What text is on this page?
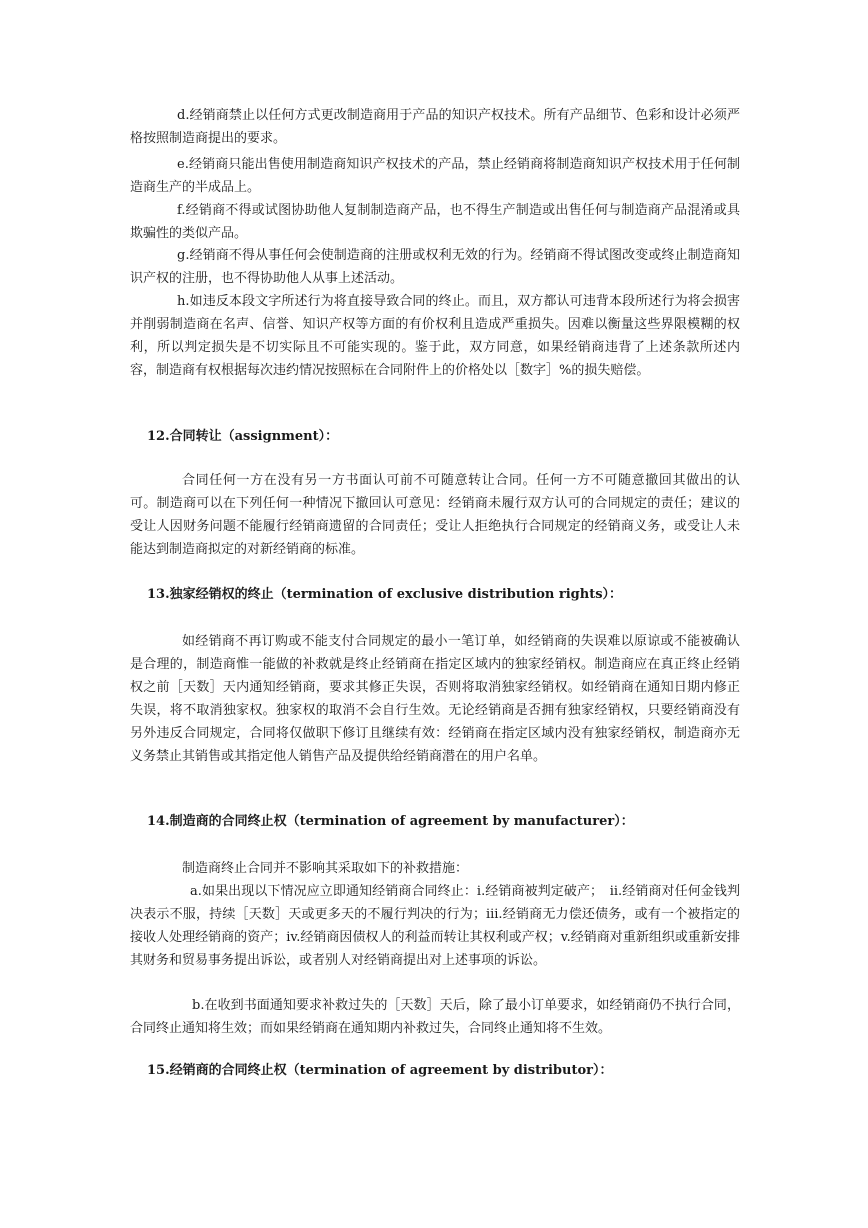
d.经销商禁止以任何方式更改制造商用于产品的知识产权技术。所有产品细节、色彩和设计必须严格按照制造商提出的要求。

e.经销商只能出售使用制造商知识产权技术的产品，禁止经销商将制造商知识产权技术用于任何制造商生产的半成品上。

f.经销商不得或试图协助他人复制制造商产品，也不得生产制造或出售任何与制造商产品混淆或具欺骗性的类似产品。

g.经销商不得从事任何会使制造商的注册或权利无效的行为。经销商不得试图改变或终止制造商知识产权的注册，也不得协助他人从事上述活动。

h.如违反本段文字所述行为将直接导致合同的终止。而且，双方都认可违背本段所述行为将会损害并削弱制造商在名声、信誉、知识产权等方面的有价权利且造成严重损失。因难以衡量这些界限模糊的权利，所以判定损失是不切实际且不可能实现的。鉴于此，双方同意，如果经销商违背了上述条款所述内容，制造商有权根据每次违约情况按照标在合同附件上的价格处以［数字］%的损失赔偿。

12.合同转让（assignment）：

合同任何一方在没有另一方书面认可前不可随意转让合同。任何一方不可随意撤回其做出的认可。制造商可以在下列任何一种情况下撤回认可意见：经销商未履行双方认可的合同规定的责任；建议的受让人因财务问题不能履行经销商遗留的合同责任；受让人拒绝执行合同规定的经销商义务，或受让人未能达到制造商拟定的对新经销商的标准。

13.独家经销权的终止（termination of exclusive distribution rights）：

如经销商不再订购或不能支付合同规定的最小一笔订单，如经销商的失误难以原谅或不能被确认是合理的，制造商惟一能做的补救就是终止经销商在指定区域内的独家经销权。制造商应在真正终止经销权之前［天数］天内通知经销商，要求其修正失误，否则将取消独家经销权。如经销商在通知日期内修正失误，将不取消独家权。独家权的取消不会自行生效。无论经销商是否拥有独家经销权，只要经销商没有另外违反合同规定，合同将仅做职下修订且继续有效：经销商在指定区域内没有独家经销权，制造商亦无义务禁止其销售或其指定他人销售产品及提供给经销商潜在的用户名单。

14.制造商的合同终止权（termination of agreement by manufacturer）：

制造商终止合同并不影响其采取如下的补救措施：

a.如果出现以下情况应立即通知经销商合同终止：i.经销商被判定破产；　ii.经销商对任何金钱判决表示不服，持续［天数］天或更多天的不履行判决的行为；iii.经销商无力偿还债务，或有一个被指定的接收人处理经销商的资产；iv.经销商因债权人的利益而转让其权利或产权；v.经销商对重新组织或重新安排其财务和贸易事务提出诉讼，或者别人对经销商提出对上述事项的诉讼。

b.在收到书面通知要求补救过失的［天数］天后，除了最小订单要求，如经销商仍不执行合同，合同终止通知将生效；而如果经销商在通知期内补救过失，合同终止通知将不生效。

15.经销商的合同终止权（termination of agreement by distributor）：
